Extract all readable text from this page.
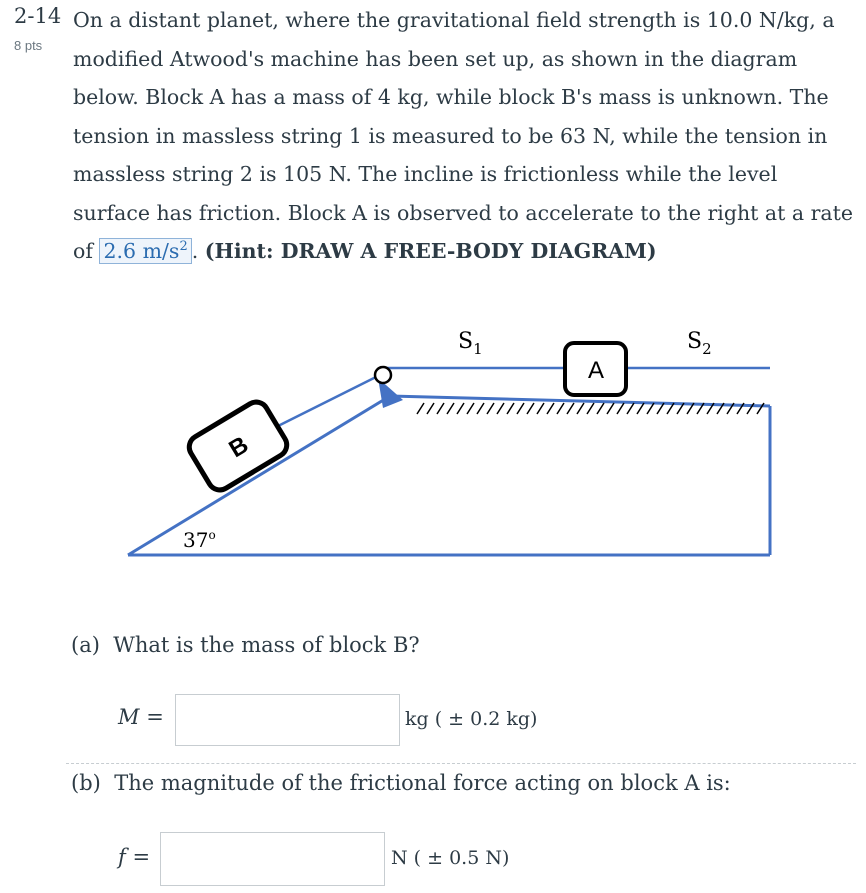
2-14
8 pts
On a distant planet, where the gravitational field strength is 10.0 N/kg, a modified Atwood's machine has been set up, as shown in the diagram below. Block A has a mass of 4 kg, while block B's mass is unknown. The tension in massless string 1 is measured to be 63 N, while the tension in massless string 2 is 105 N. The incline is frictionless while the level surface has friction. Block A is observed to accelerate to the right at a rate of 2.6 $m/s^2$ . (Hint: DRAW A FREE-BODY DIAGRAM)
B
A
$S_1$	$S_2$
37$^o$
(a) What is the mass of block B?
M =	kg ( ± 0.2 kg)
(b) The magnitude of the frictional force acting on block A is:
f =	N ( ± 0.5 N)
